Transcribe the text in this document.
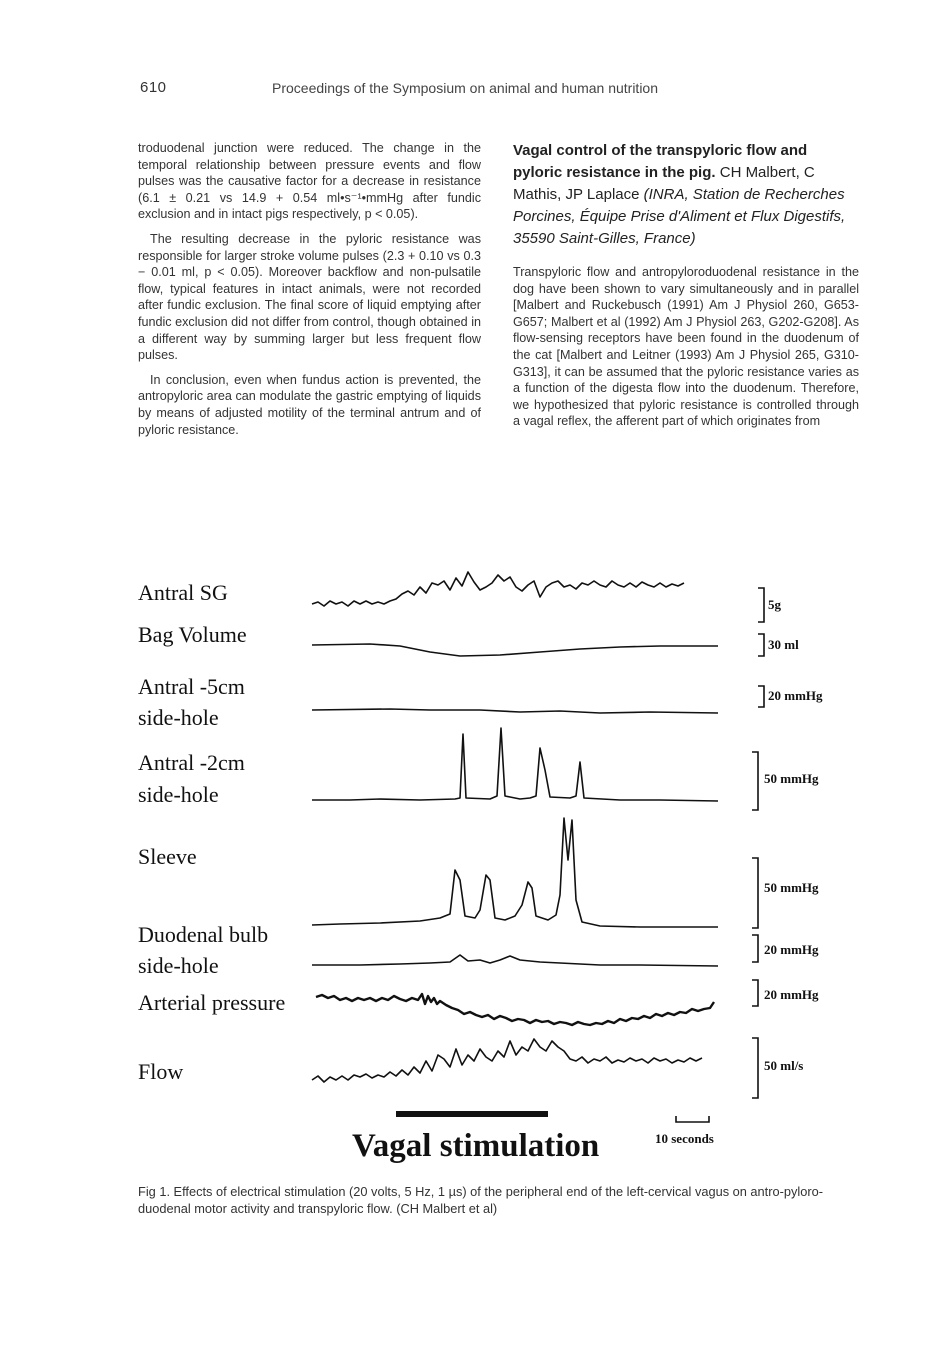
610	Proceedings of the Symposium on animal and human nutrition

troduodenal junction were reduced. The change in the temporal relationship between pressure events and flow pulses was the causative factor for a decrease in resistance (6.1 ± 0.21 vs 14.9 + 0.54 ml•s⁻¹•mmHg after fundic exclusion and in intact pigs respectively, p < 0.05).

The resulting decrease in the pyloric resistance was responsible for larger stroke volume pulses (2.3 + 0.10 vs 0.3 − 0.01 ml, p < 0.05). Moreover backflow and non-pulsatile flow, typical features in intact animals, were not recorded after fundic exclusion. The final score of liquid emptying after fundic exclusion did not differ from control, though obtained in a different way by summing larger but less frequent flow pulses.

In conclusion, even when fundus action is prevented, the antropyloric area can modulate the gastric emptying of liquids by means of adjusted motility of the terminal antrum and of pyloric resistance.

Vagal control of the transpyloric flow and pyloric resistance in the pig. CH Malbert, C Mathis, JP Laplace (INRA, Station de Recherches Porcines, Équipe Prise d'Aliment et Flux Digestifs, 35590 Saint-Gilles, France)
Transpyloric flow and antropyloroduodenal resistance in the dog have been shown to vary simultaneously and in parallel [Malbert and Ruckebusch (1991) Am J Physiol 260, G653-G657; Malbert et al (1992) Am J Physiol 263, G202-G208]. As flow-sensing receptors have been found in the duodenum of the cat [Malbert and Leitner (1993) Am J Physiol 265, G310-G313], it can be assumed that the pyloric resistance varies as a function of the digesta flow into the duodenum. Therefore, we hypothesized that pyloric resistance is controlled through a vagal reflex, the afferent part of which originates from
Antral SG
Bag Volume
Antral -5cm
side-hole
Antral -2cm
side-hole
Sleeve
Duodenal bulb
side-hole
Arterial pressure
Flow
5g
30 ml
20 mmHg
50 mmHg
50 mmHg
20 mmHg
20 mmHg
50 ml/s
Vagal stimulation	10 seconds
Fig 1. Effects of electrical stimulation (20 volts, 5 Hz, 1 µs) of the peripheral end of the left-cervical vagus on antro-pyloro-duodenal motor activity and transpyloric flow. (CH Malbert et al)
